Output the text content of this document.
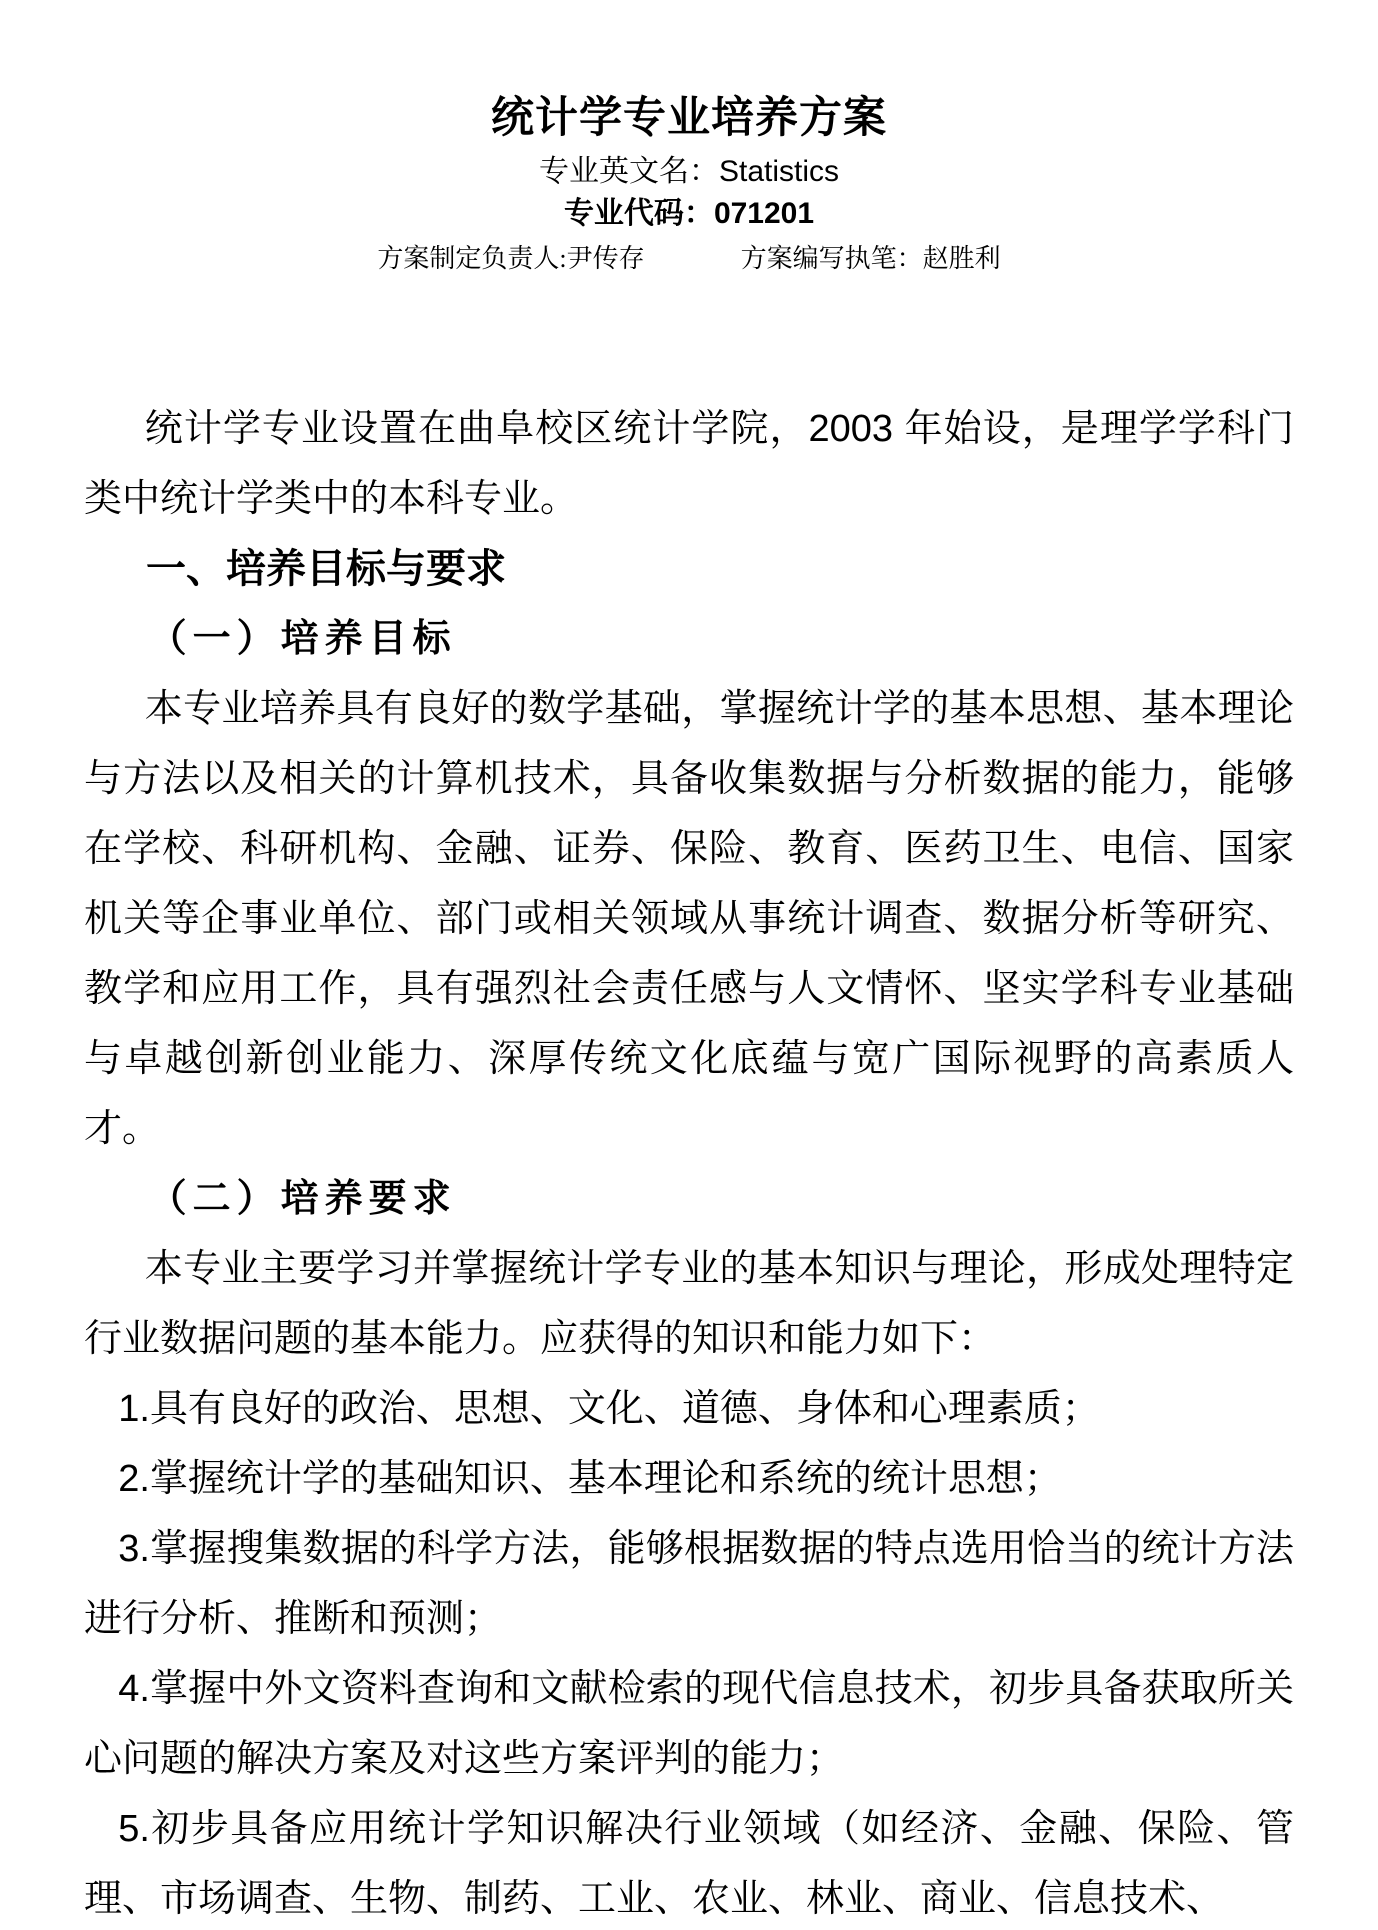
统计学专业培养方案

专业英文名：Statistics

专业代码：071201

方案制定负责人:尹传存	方案编写执笔：赵胜利

统计学专业设置在曲阜校区统计学院，2003 年始设，是理学学科门类中统计学类中的本科专业。

一、培养目标与要求
（一）培养目标

本专业培养具有良好的数学基础，掌握统计学的基本思想、基本理论与方法以及相关的计算机技术，具备收集数据与分析数据的能力，能够在学校、科研机构、金融、证券、保险、教育、医药卫生、电信、国家机关等企事业单位、部门或相关领域从事统计调查、数据分析等研究、教学和应用工作，具有强烈社会责任感与人文情怀、坚实学科专业基础与卓越创新创业能力、深厚传统文化底蕴与宽广国际视野的高素质人才。

（二）培养要求

本专业主要学习并掌握统计学专业的基本知识与理论，形成处理特定行业数据问题的基本能力。应获得的知识和能力如下：

1.具有良好的政治、思想、文化、道德、身体和心理素质；

2.掌握统计学的基础知识、基本理论和系统的统计思想；

3.掌握搜集数据的科学方法，能够根据数据的特点选用恰当的统计方法进行分析、推断和预测；

4.掌握中外文资料查询和文献检索的现代信息技术，初步具备获取所关心问题的解决方案及对这些方案评判的能力；

5.初步具备应用统计学知识解决行业领域（如经济、金融、保险、管理、市场调查、生物、制药、工业、农业、林业、商业、信息技术、
